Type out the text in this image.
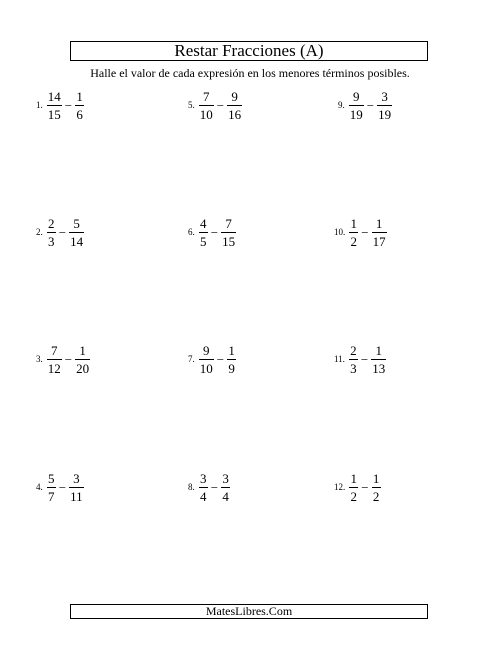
Restar Fracciones (A)
Halle el valor de cada expresión en los menores términos posibles.
1. $\frac{14}{15} - \frac{1}{6}$
2. $\frac{2}{3} - \frac{5}{14}$
3. $\frac{7}{12} - \frac{1}{20}$
4. $\frac{5}{7} - \frac{3}{11}$
5. $\frac{7}{10} - \frac{9}{16}$
6. $\frac{4}{5} - \frac{7}{15}$
7. $\frac{9}{10} - \frac{1}{9}$
8. $\frac{3}{4} - \frac{3}{4}$
9. $\frac{9}{19} - \frac{3}{19}$
10. $\frac{1}{2} - \frac{1}{17}$
11. $\frac{2}{3} - \frac{1}{13}$
12. $\frac{1}{2} - \frac{1}{2}$
MatesLibres.Com
